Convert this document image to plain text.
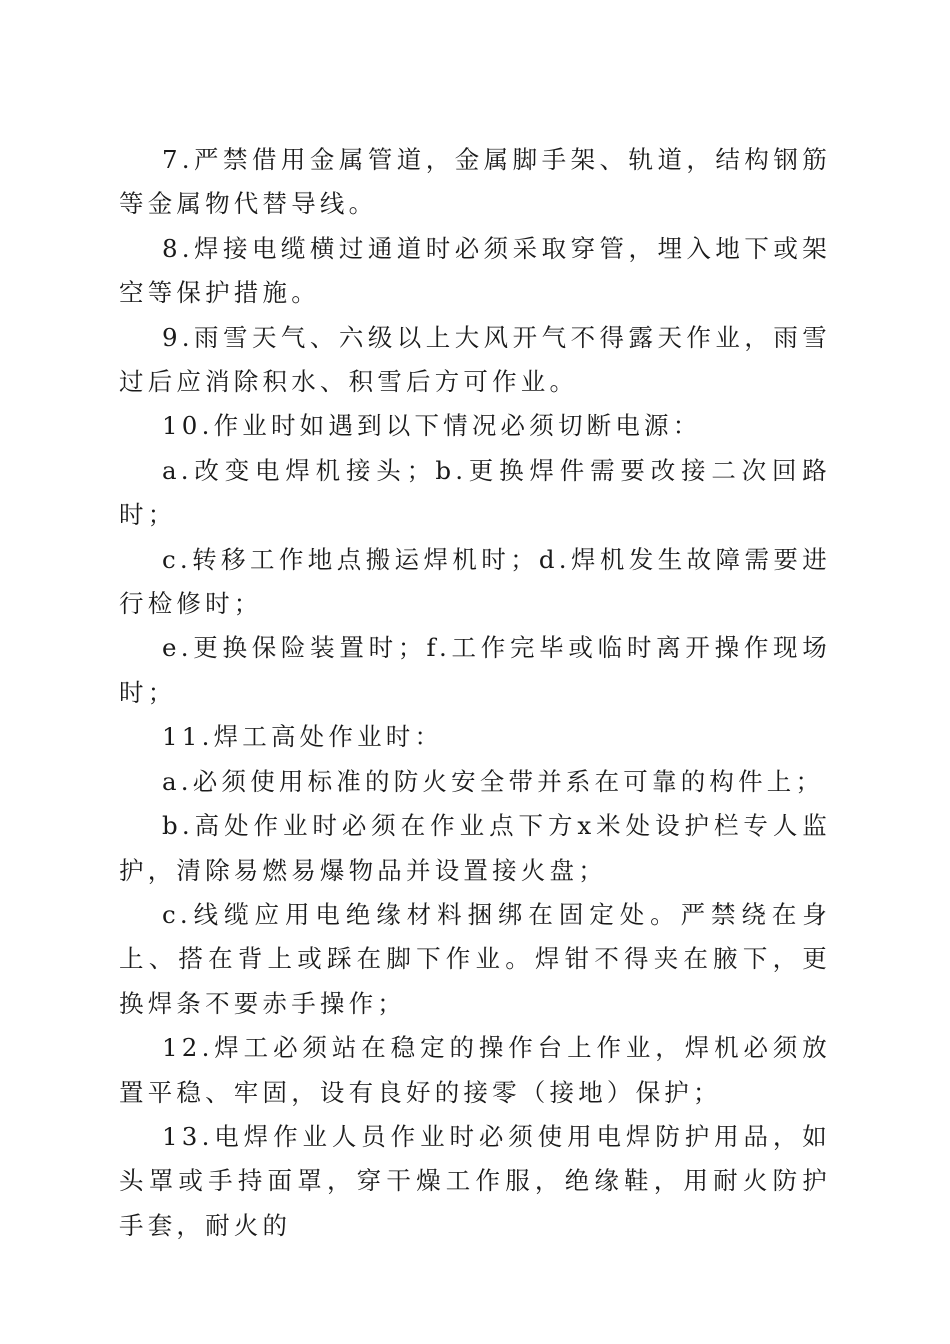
7.严禁借用金属管道，金属脚手架、轨道，结构钢筋等金属物代替导线。

8.焊接电缆横过通道时必须采取穿管，埋入地下或架空等保护措施。

9.雨雪天气、六级以上大风开气不得露天作业，雨雪过后应消除积水、积雪后方可作业。

10.作业时如遇到以下情况必须切断电源：

a.改变电焊机接头；b.更换焊件需要改接二次回路时；

c.转移工作地点搬运焊机时；d.焊机发生故障需要进行检修时；

e.更换保险装置时；f.工作完毕或临时离开操作现场时；

11.焊工高处作业时：

a.必须使用标准的防火安全带并系在可靠的构件上；

b.高处作业时必须在作业点下方x米处设护栏专人监护，清除易燃易爆物品并设置接火盘；

c.线缆应用电绝缘材料捆绑在固定处。严禁绕在身上、搭在背上或踩在脚下作业。焊钳不得夹在腋下，更换焊条不要赤手操作；

12.焊工必须站在稳定的操作台上作业，焊机必须放置平稳、牢固，设有良好的接零（接地）保护；

13.电焊作业人员作业时必须使用电焊防护用品，如头罩或手持面罩，穿干燥工作服，绝缘鞋，用耐火防护手套，耐火的
